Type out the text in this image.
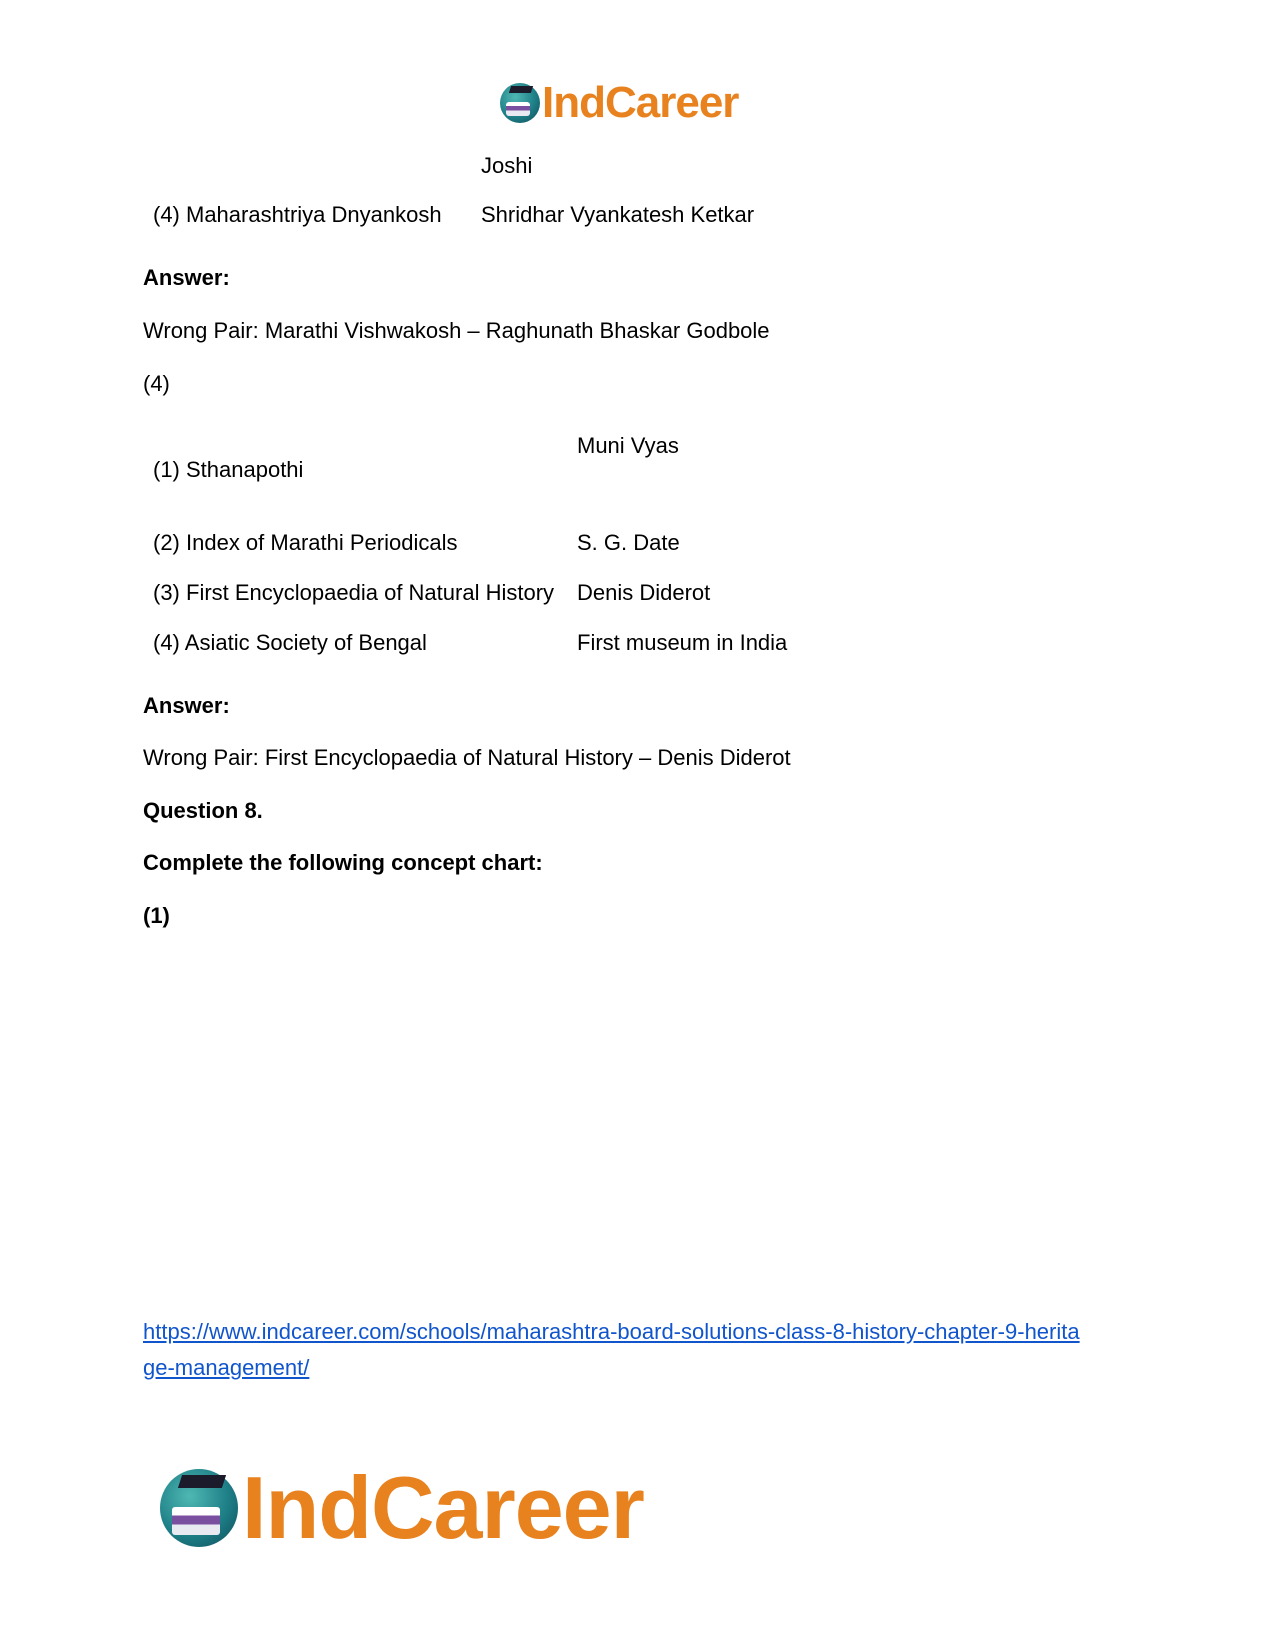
IndCareer
Joshi
(4) Maharashtriya Dnyankosh Shridhar Vyankatesh Ketkar
Answer:
Wrong Pair: Marathi Vishwakosh – Raghunath Bhaskar Godbole
(4)
(1) Sthanapothi
Muni Vyas
(2) Index of Marathi Periodicals	S. G. Date
(3) First Encyclopaedia of Natural History Denis Diderot
(4) Asiatic Society of Bengal	First museum in India
Answer:
Wrong Pair: First Encyclopaedia of Natural History – Denis Diderot
Question 8.
Complete the following concept chart:
(1)
https://www.indcareer.com/schools/maharashtra-board-solutions-class-8-history-chapter-9-herita
ge-management/
IndCareer
